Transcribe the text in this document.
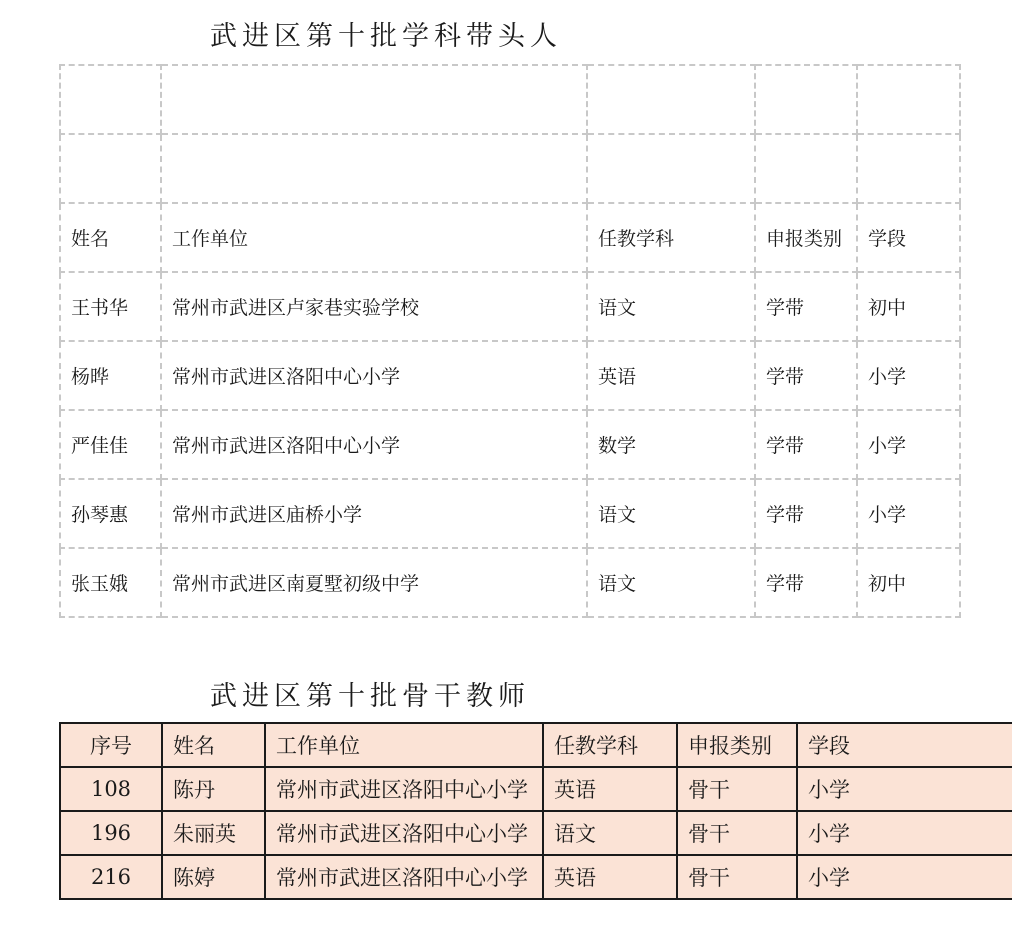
武进区第十批学科带头人

姓名	工作单位	任教学科	申报类别	学段
王书华	常州市武进区卢家巷实验学校	语文	学带	初中
杨晔	常州市武进区洛阳中心小学	英语	学带	小学
严佳佳	常州市武进区洛阳中心小学	数学	学带	小学
孙琴惠	常州市武进区庙桥小学	语文	学带	小学
张玉娥	常州市武进区南夏墅初级中学	语文	学带	初中
武进区第十批骨干教师
序号	姓名	工作单位	任教学科	申报类别	学段
108	陈丹	常州市武进区洛阳中心小学	英语	骨干	小学
196	朱丽英	常州市武进区洛阳中心小学	语文	骨干	小学
216	陈婷	常州市武进区洛阳中心小学	英语	骨干	小学
